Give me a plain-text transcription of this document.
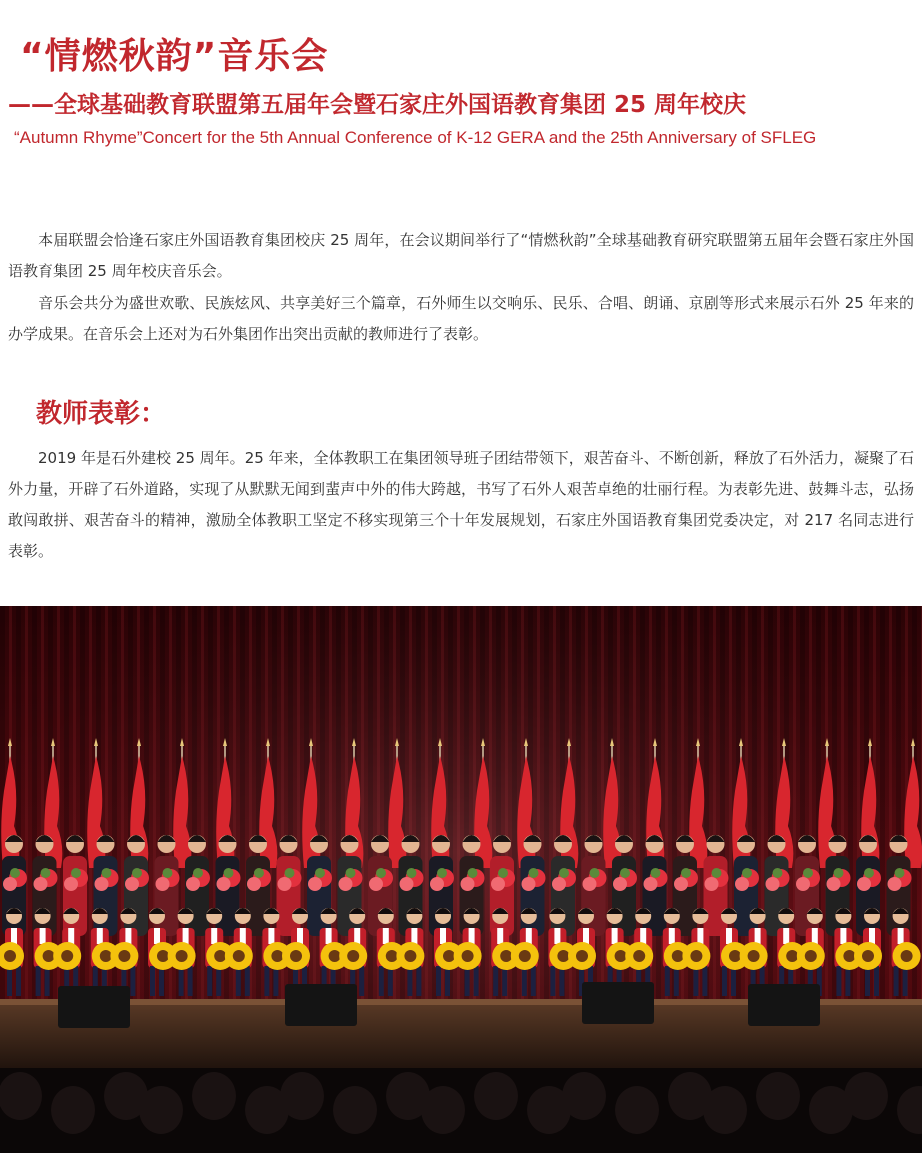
“情燃秋韵”音乐会
——全球基础教育联盟第五届年会暨石家庄外国语教育集团 25 周年校庆

“Autumn Rhyme”Concert for the 5th Annual Conference of K-12 GERA and the 25th Anniversary of SFLEG

本届联盟会恰逢石家庄外国语教育集团校庆 25 周年，在会议期间举行了“情燃秋韵”全球基础教育研究联盟第五届年会暨石家庄外国语教育集团 25 周年校庆音乐会。

音乐会共分为盛世欢歌、民族炫风、共享美好三个篇章，石外师生以交响乐、民乐、合唱、朗诵、京剧等形式来展示石外 25 年来的办学成果。在音乐会上还对为石外集团作出突出贡献的教师进行了表彰。

教师表彰：

2019 年是石外建校 25 周年。25 年来，全体教职工在集团领导班子团结带领下，艰苦奋斗、不断创新，释放了石外活力，凝聚了石外力量，开辟了石外道路，实现了从默默无闻到蜚声中外的伟大跨越，书写了石外人艰苦卓绝的壮丽行程。为表彰先进、鼓舞斗志，弘扬敢闯敢拼、艰苦奋斗的精神，激励全体教职工坚定不移实现第三个十年发展规划，石家庄外国语教育集团党委决定，对 217 名同志进行表彰。
